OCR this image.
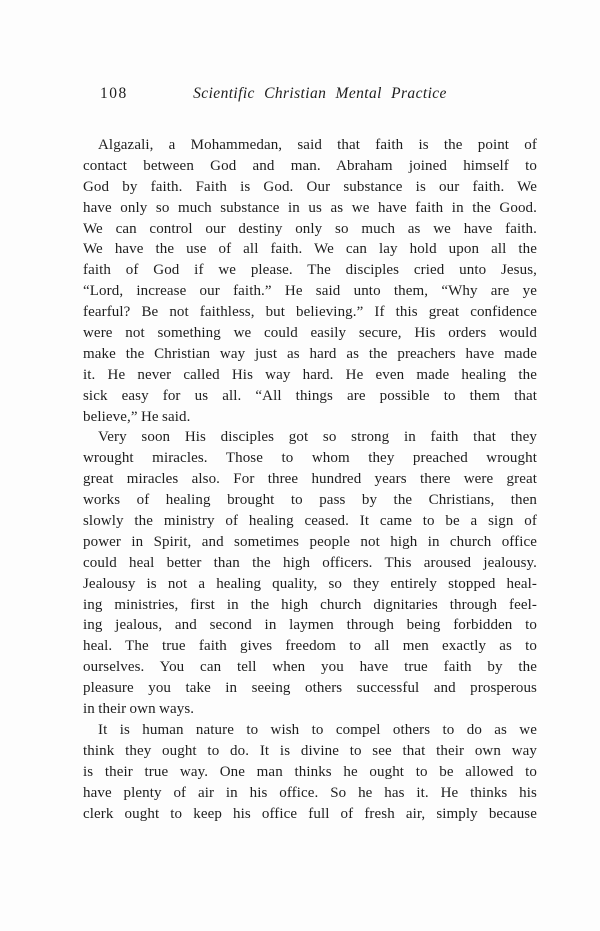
108	Scientific Christian Mental Practice
Algazali, a Mohammedan, said that faith is the point of
contact between God and man. Abraham joined himself to
God by faith. Faith is God. Our substance is our faith. We
have only so much substance in us as we have faith in the Good.
We can control our destiny only so much as we have faith.
We have the use of all faith. We can lay hold upon all the
faith of God if we please. The disciples cried unto Jesus,
“Lord, increase our faith.” He said unto them, “Why are ye
fearful? Be not faithless, but believing.” If this great confidence
were not something we could easily secure, His orders would
make the Christian way just as hard as the preachers have made
it. He never called His way hard. He even made healing the
sick easy for us all. “All things are possible to them that
believe,” He said.
Very soon His disciples got so strong in faith that they
wrought miracles. Those to whom they preached wrought
great miracles also. For three hundred years there were great
works of healing brought to pass by the Christians, then
slowly the ministry of healing ceased. It came to be a sign of
power in Spirit, and sometimes people not high in church office
could heal better than the high officers. This aroused jealousy.
Jealousy is not a healing quality, so they entirely stopped heal-
ing ministries, first in the high church dignitaries through feel-
ing jealous, and second in laymen through being forbidden to
heal. The true faith gives freedom to all men exactly as to
ourselves. You can tell when you have true faith by the
pleasure you take in seeing others successful and prosperous
in their own ways.
It is human nature to wish to compel others to do as we
think they ought to do. It is divine to see that their own way
is their true way. One man thinks he ought to be allowed to
have plenty of air in his office. So he has it. He thinks his
clerk ought to keep his office full of fresh air, simply because
